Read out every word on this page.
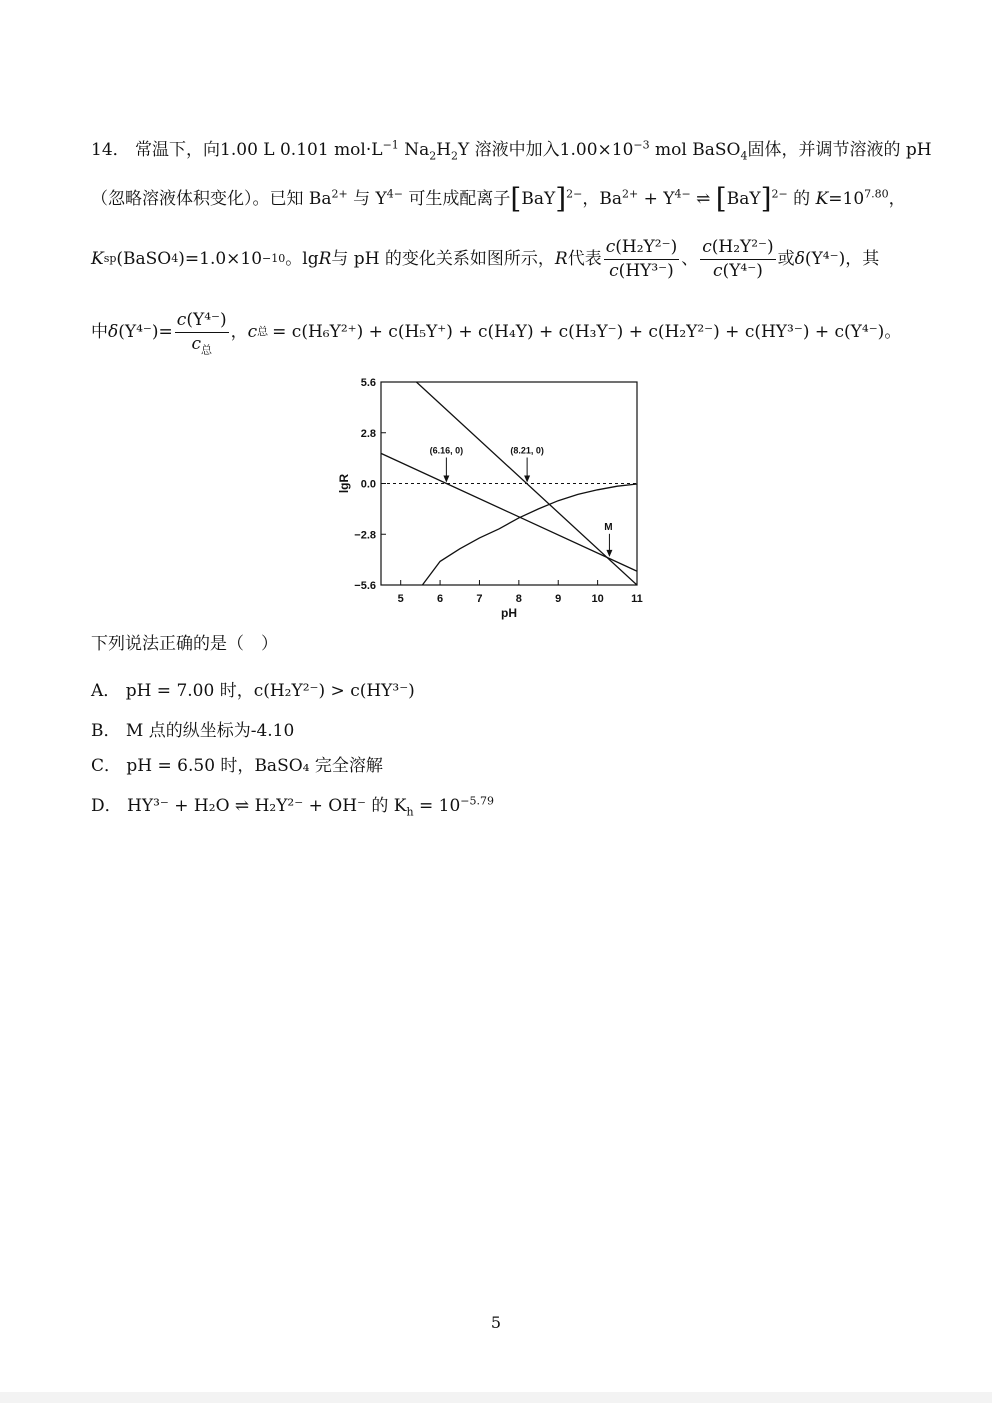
14． 常温下，向1.00 L 0.101 $mol\cdot L^{-1}$ $Na_2H_2Y$ 溶液中加入$1.00\times 10^{-3}$ mol BaSO$_4$固体，并调节溶液的 pH
（忽略溶液体积变化）。已知 $Ba^{2+}$ 与 $Y^{4-}$ 可生成配离子[BaY]$^{2-}$，$Ba^{2+} + Y^{4-}$ ⇌ [BaY]$^{2-}$ 的 $K=10^{7.80}$，
K sp ( BaSO 4 ) =1.0×10 −10 。lg R 与 pH 的变化关系如图所示， R 代表 $\frac{\text{c(H₂Y²⁻)}}{\text{c(HY³⁻)}}$ 、 $\frac{\text{c(H₂Y²⁻)}}{\text{c(Y⁴⁻)}}$ 或 δ ( Y⁴⁻ ) ，其
中 δ ( Y⁴⁻ ) = $\frac{\text{c(Y⁴⁻)}}{c_总}$ ， c 总 = c(H₆Y²⁺) + c(H₅Y⁺) + c(H₄Y) + c(H₃Y⁻) + c(H₂Y²⁻) + c(HY³⁻) + c(Y⁴⁻) 。
5	6	7	8	9	10 11
5.6
2.8
0.0
−2.8
−5.6
pH
lgR
(6.16, 0)	(8.21, 0)
M
下列说法正确的是（　）
A． pH = 7.00 时，c(H₂Y²⁻) > c(HY³⁻)
B． M 点的纵坐标为-4.10
C． pH = 6.50 时，BaSO₄ 完全溶解
D． HY³⁻ + H₂O ⇌ H₂Y²⁻ + OH⁻ 的 $K_h = 10^{-5.79}$
5
